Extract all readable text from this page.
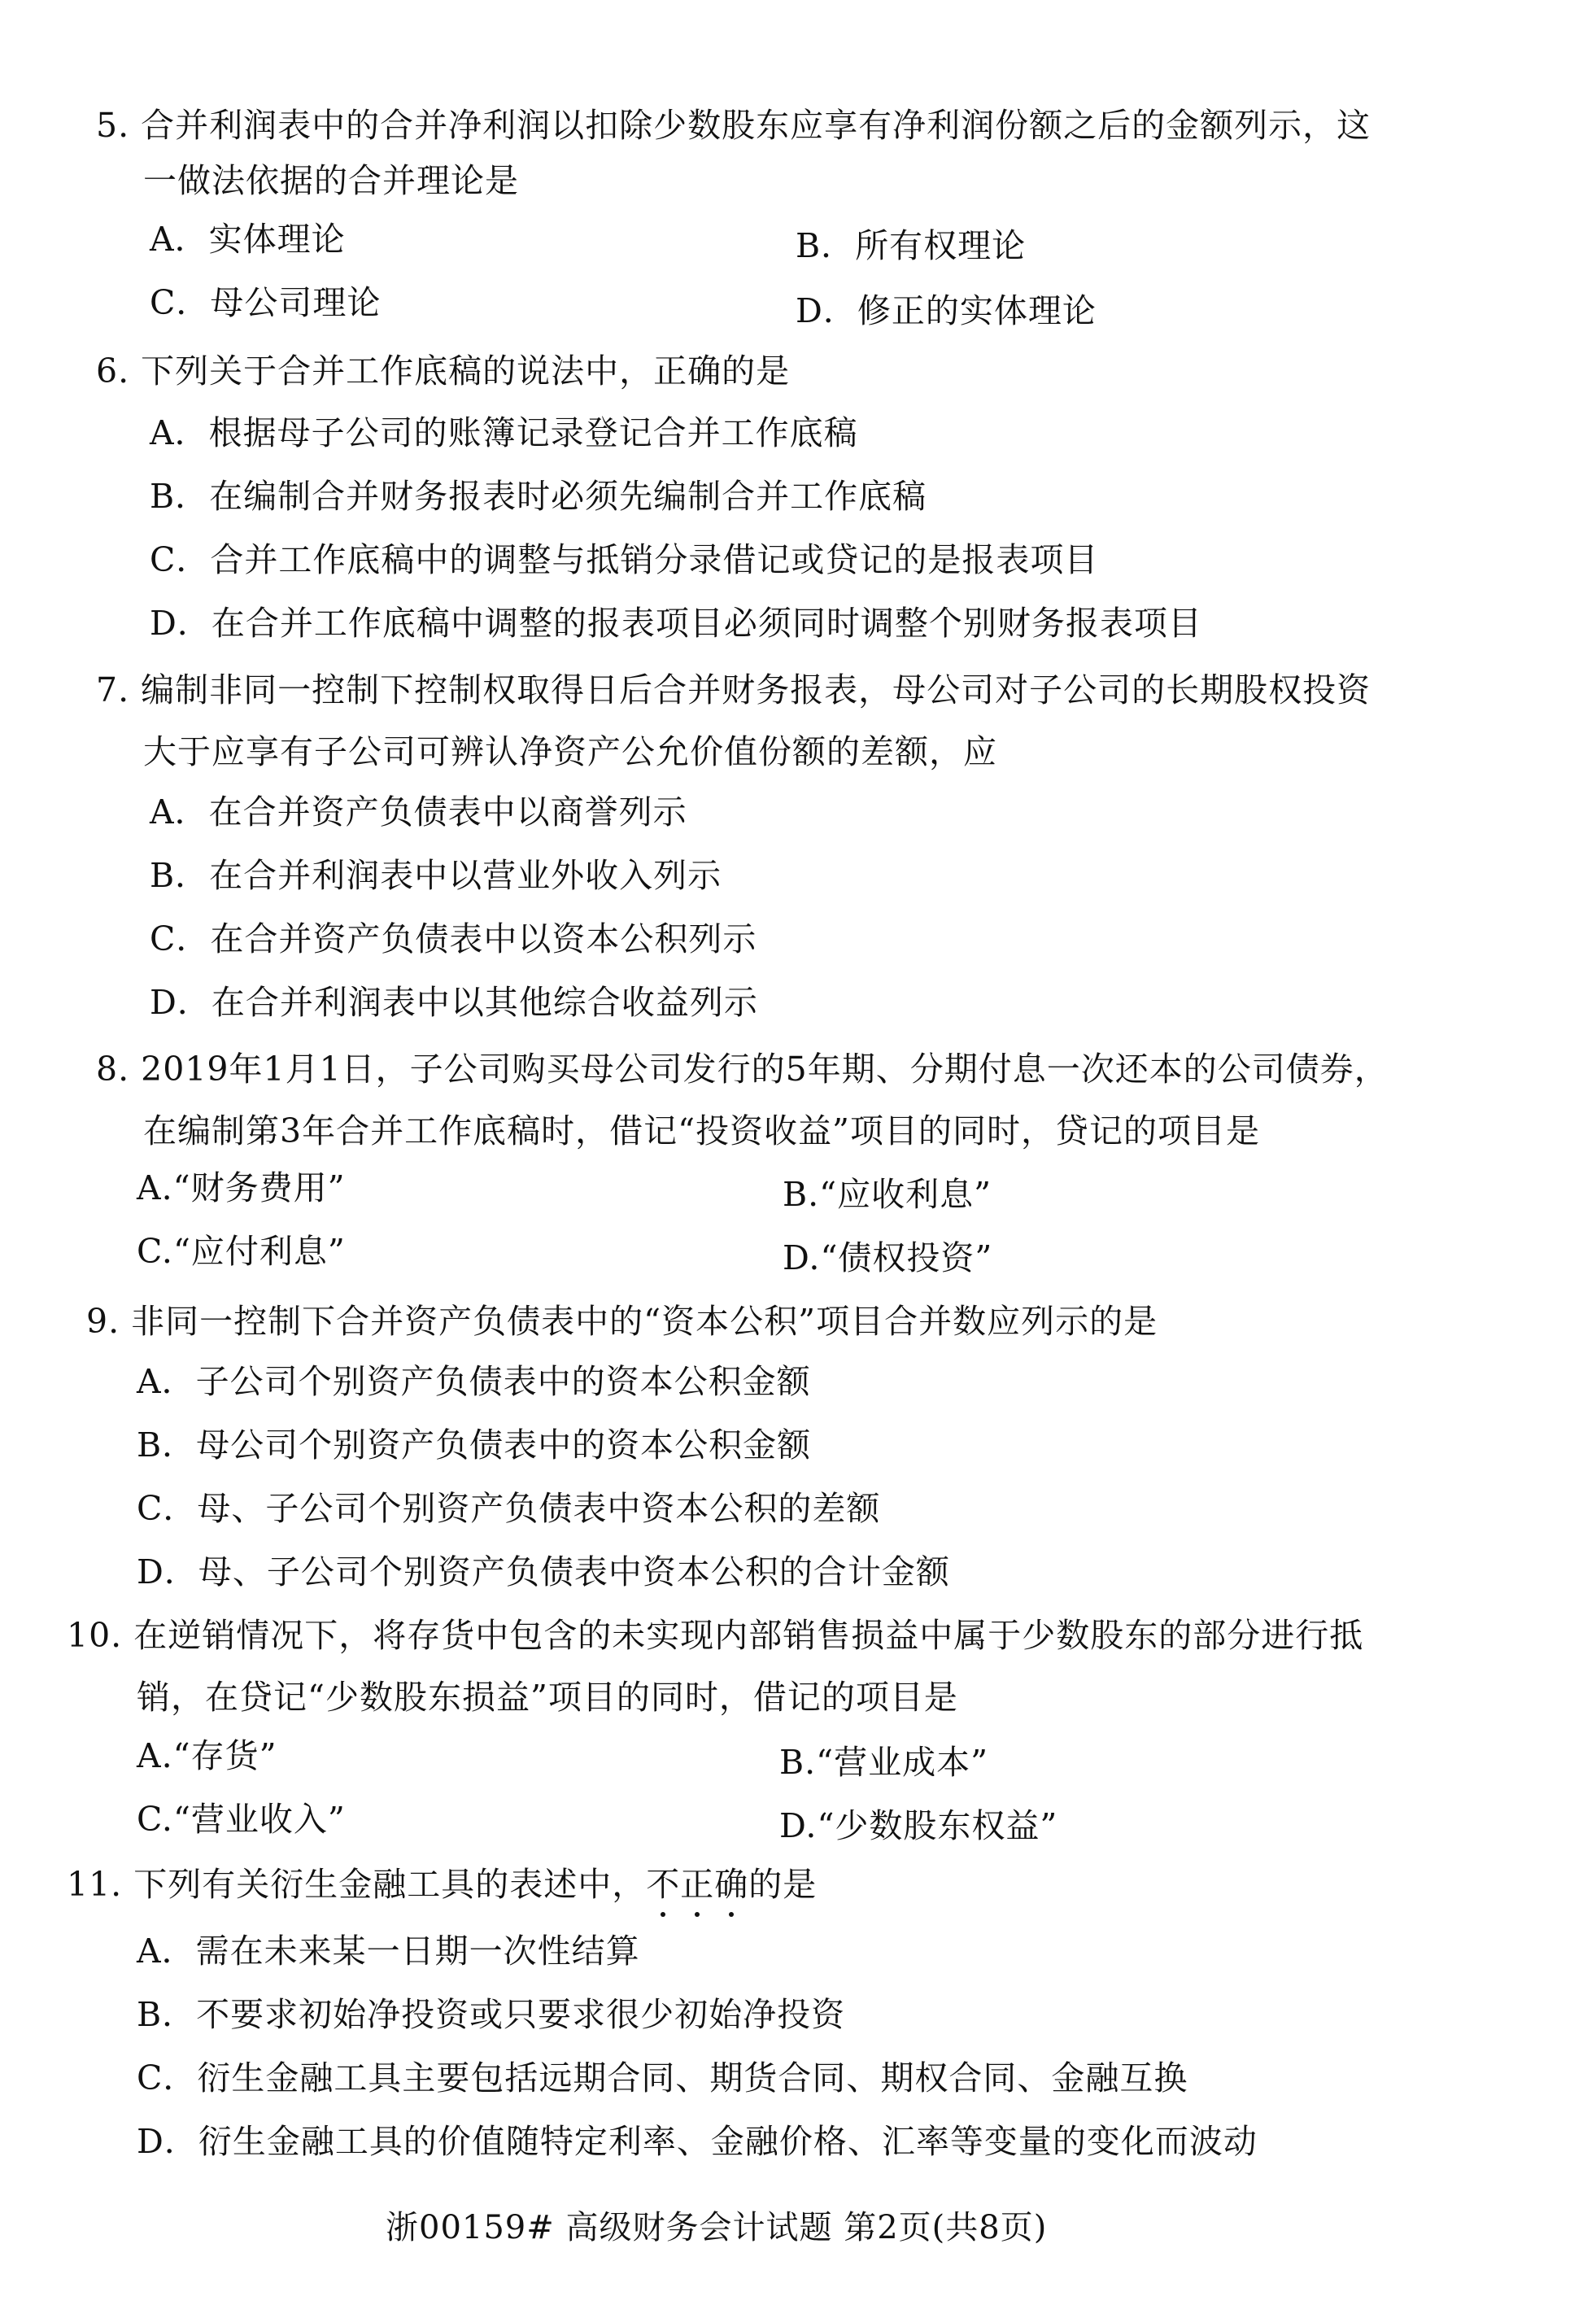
5. 合并利润表中的合并净利润以扣除少数股东应享有净利润份额之后的金额列示，这
一做法依据的合并理论是
A．实体理论	B．所有权理论
C．母公司理论	D．修正的实体理论
6. 下列关于合并工作底稿的说法中，正确的是
A．根据母子公司的账簿记录登记合并工作底稿
B．在编制合并财务报表时必须先编制合并工作底稿
C．合并工作底稿中的调整与抵销分录借记或贷记的是报表项目
D．在合并工作底稿中调整的报表项目必须同时调整个别财务报表项目
7. 编制非同一控制下控制权取得日后合并财务报表，母公司对子公司的长期股权投资
大于应享有子公司可辨认净资产公允价值份额的差额，应
A．在合并资产负债表中以商誉列示
B．在合并利润表中以营业外收入列示
C．在合并资产负债表中以资本公积列示
D．在合并利润表中以其他综合收益列示
8. 2019年1月1日，子公司购买母公司发行的5年期、分期付息一次还本的公司债券，
在编制第3年合并工作底稿时，借记“投资收益”项目的同时，贷记的项目是
A.“财务费用”	B.“应收利息”
C.“应付利息”	D.“债权投资”
9. 非同一控制下合并资产负债表中的“资本公积”项目合并数应列示的是
A．子公司个别资产负债表中的资本公积金额
B．母公司个别资产负债表中的资本公积金额
C．母、子公司个别资产负债表中资本公积的差额
D．母、子公司个别资产负债表中资本公积的合计金额
10. 在逆销情况下，将存货中包含的未实现内部销售损益中属于少数股东的部分进行抵
销，在贷记“少数股东损益”项目的同时，借记的项目是
A.“存货”	B.“营业成本”
C.“营业收入”	D.“少数股东权益”
11. 下列有关衍生金融工具的表述中，不
正
确
的是
A．需在未来某一日期一次性结算
B．不要求初始净投资或只要求很少初始净投资
C．衍生金融工具主要包括远期合同、期货合同、期权合同、金融互换
D．衍生金融工具的价值随特定利率、金融价格、汇率等变量的变化而波动
浙00159# 高级财务会计试题 第2页(共8页)
